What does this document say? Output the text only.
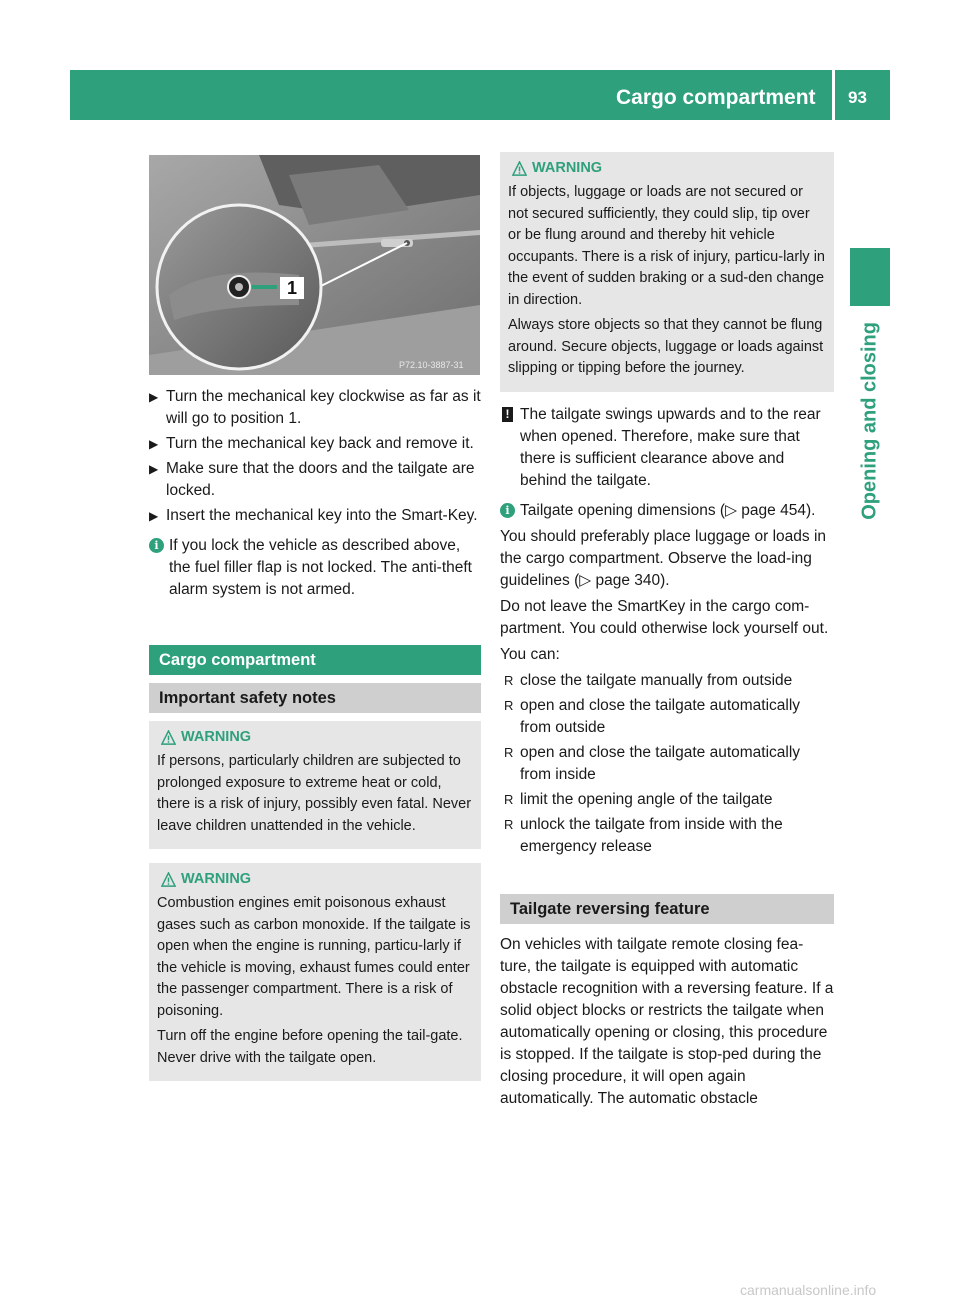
Cargo compartment 93
Opening and closing
1
P72.10-3887-31
▶ Turn the mechanical key clockwise as far as it will go to position 1.
▶ Turn the mechanical key back and remove it.
▶ Make sure that the doors and the tailgate are locked.
▶ Insert the mechanical key into the Smart-Key.
i If you lock the vehicle as described above, the fuel filler flap is not locked. The anti-theft alarm system is not armed.
Cargo compartment
Important safety notes
WARNING

If persons, particularly children are subjected to prolonged exposure to extreme heat or cold, there is a risk of injury, possibly even fatal. Never leave children unattended in the vehicle.

WARNING

Combustion engines emit poisonous exhaust gases such as carbon monoxide. If the tailgate is open when the engine is running, particu-larly if the vehicle is moving, exhaust fumes could enter the passenger compartment. There is a risk of poisoning.

Turn off the engine before opening the tail-gate. Never drive with the tailgate open.

WARNING

If objects, luggage or loads are not secured or not secured sufficiently, they could slip, tip over or be flung around and thereby hit vehicle occupants. There is a risk of injury, particu-larly in the event of sudden braking or a sud-den change in direction.

Always store objects so that they cannot be flung around. Secure objects, luggage or loads against slipping or tipping before the journey.

! The tailgate swings upwards and to the rear when opened. Therefore, make sure that there is sufficient clearance above and behind the tailgate.
i Tailgate opening dimensions (▷ page 454).

You should preferably place luggage or loads in the cargo compartment. Observe the load-ing guidelines (▷ page 340).

Do not leave the SmartKey in the cargo com-partment. You could otherwise lock yourself out.

You can:

R close the tailgate manually from outside
R open and close the tailgate automatically from outside
R open and close the tailgate automatically from inside
R limit the opening angle of the tailgate
R unlock the tailgate from inside with the emergency release
Tailgate reversing feature

On vehicles with tailgate remote closing fea-ture, the tailgate is equipped with automatic obstacle recognition with a reversing feature. If a solid object blocks or restricts the tailgate when automatically opening or closing, this procedure is stopped. If the tailgate is stop-ped during the closing procedure, it will open again automatically. The automatic obstacle

carmanualsonline.info
